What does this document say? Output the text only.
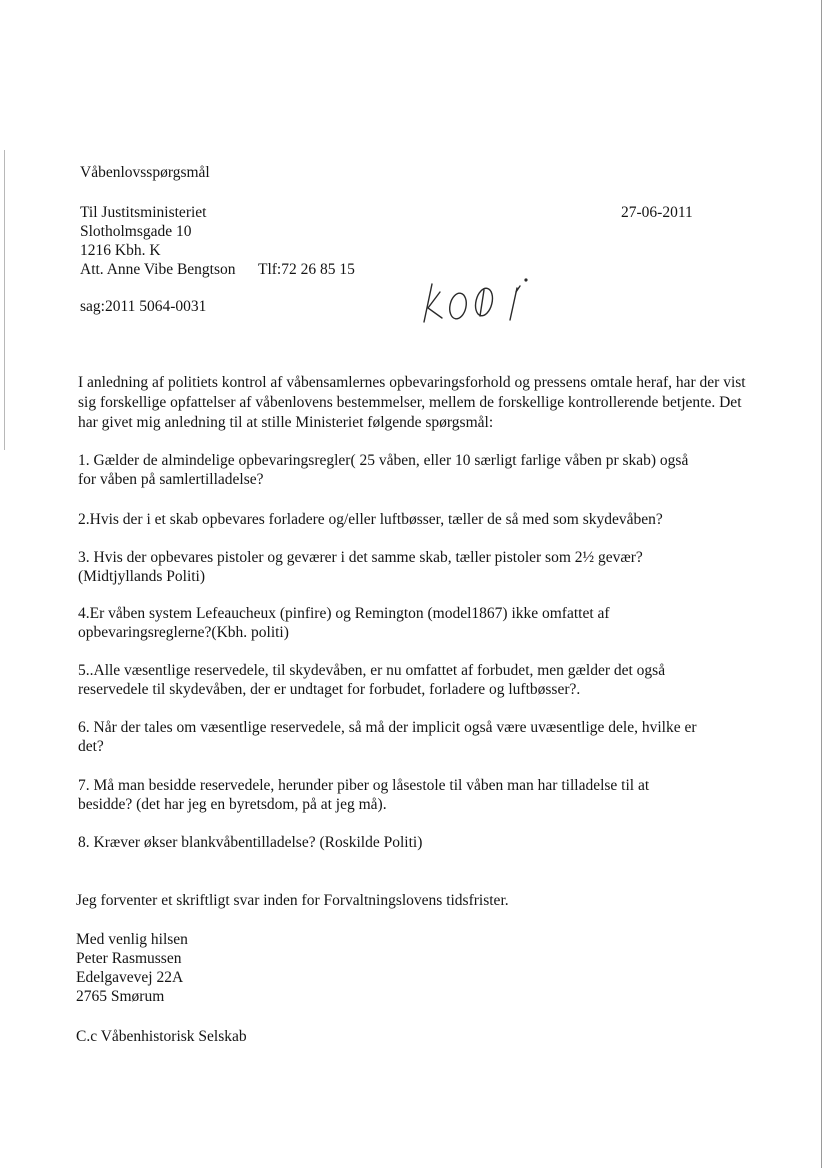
Våbenlovsspørgsmål
Til Justitsministeriet
Slotholmsgade 10
1216 Kbh. K
Att. Anne Vibe Bengtson Tlf:72 26 85 15
27-06-2011
sag:2011 5064-0031
I anledning af politiets kontrol af våbensamlernes opbevaringsforhold og pressens omtale heraf, har der vist sig forskellige opfattelser af våbenlovens bestemmelser, mellem de forskellige kontrollerende betjente. Det har givet mig anledning til at stille Ministeriet følgende spørgsmål:
1. Gælder de almindelige opbevaringsregler( 25 våben, eller 10 særligt farlige våben pr skab) også
for våben på samlertilladelse?
2.Hvis der i et skab opbevares forladere og/eller luftbøsser, tæller de så med som skydevåben?
3. Hvis der opbevares pistoler og geværer i det samme skab, tæller pistoler som 2½ gevær?
(Midtjyllands Politi)
4.Er våben system Lefeaucheux (pinfire) og Remington (model1867) ikke omfattet af
opbevaringsreglerne?(Kbh. politi)
5..Alle væsentlige reservedele, til skydevåben, er nu omfattet af forbudet, men gælder det også
reservedele til skydevåben, der er undtaget for forbudet, forladere og luftbøsser?.
6. Når der tales om væsentlige reservedele, så må der implicit også være uvæsentlige dele, hvilke er
det?
7. Må man besidde reservedele, herunder piber og låsestole til våben man har tilladelse til at
besidde? (det har jeg en byretsdom, på at jeg må).
8. Kræver økser blankvåbentilladelse? (Roskilde Politi)
Jeg forventer et skriftligt svar inden for Forvaltningslovens tidsfrister.
Med venlig hilsen
Peter Rasmussen
Edelgavevej 22A
2765 Smørum
C.c Våbenhistorisk Selskab
